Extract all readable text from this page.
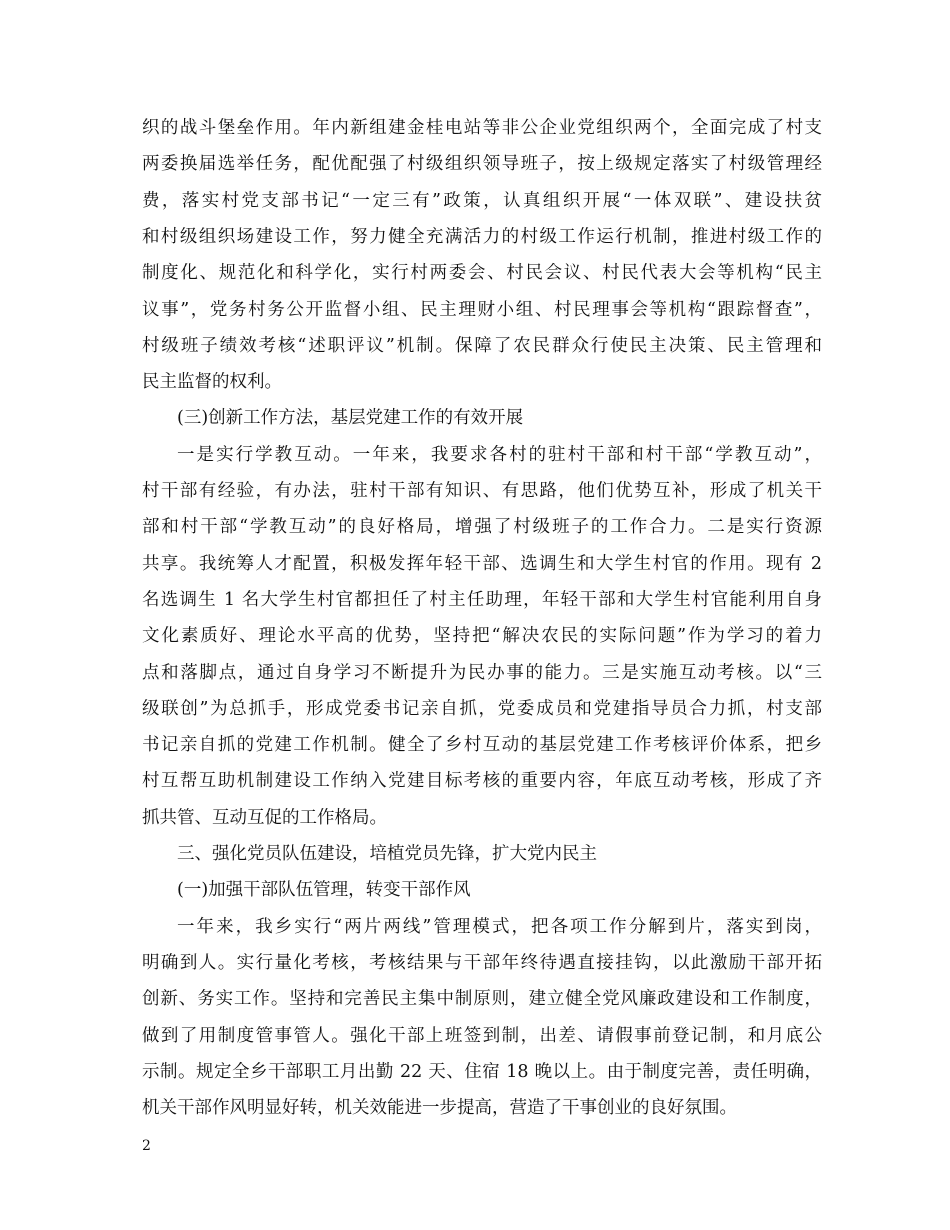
织的战斗堡垒作用。年内新组建金桂电站等非公企业党组织两个，全面完成了村支
两委换届选举任务，配优配强了村级组织领导班子，按上级规定落实了村级管理经
费，落实村党支部书记“一定三有”政策，认真组织开展“一体双联”、建设扶贫
和村级组织场建设工作，努力健全充满活力的村级工作运行机制，推进村级工作的
制度化、规范化和科学化，实行村两委会、村民会议、村民代表大会等机构“民主
议事”，党务村务公开监督小组、民主理财小组、村民理事会等机构“跟踪督查”，
村级班子绩效考核“述职评议”机制。保障了农民群众行使民主决策、民主管理和
民主监督的权利。
(三)创新工作方法，基层党建工作的有效开展
一是实行学教互动。一年来，我要求各村的驻村干部和村干部“学教互动”，
村干部有经验，有办法，驻村干部有知识、有思路，他们优势互补，形成了机关干
部和村干部“学教互动”的良好格局，增强了村级班子的工作合力。二是实行资源
共享。我统筹人才配置，积极发挥年轻干部、选调生和大学生村官的作用。现有 2
名选调生 1 名大学生村官都担任了村主任助理，年轻干部和大学生村官能利用自身
文化素质好、理论水平高的优势，坚持把“解决农民的实际问题”作为学习的着力
点和落脚点，通过自身学习不断提升为民办事的能力。三是实施互动考核。以“三
级联创”为总抓手，形成党委书记亲自抓，党委成员和党建指导员合力抓，村支部
书记亲自抓的党建工作机制。健全了乡村互动的基层党建工作考核评价体系，把乡
村互帮互助机制建设工作纳入党建目标考核的重要内容，年底互动考核，形成了齐
抓共管、互动互促的工作格局。
三、强化党员队伍建设，培植党员先锋，扩大党内民主
(一)加强干部队伍管理，转变干部作风
一年来，我乡实行“两片两线”管理模式，把各项工作分解到片，落实到岗，
明确到人。实行量化考核，考核结果与干部年终待遇直接挂钩，以此激励干部开拓
创新、务实工作。坚持和完善民主集中制原则，建立健全党风廉政建设和工作制度，
做到了用制度管事管人。强化干部上班签到制，出差、请假事前登记制，和月底公
示制。规定全乡干部职工月出勤 22 天、住宿 18 晚以上。由于制度完善，责任明确，
机关干部作风明显好转，机关效能进一步提高，营造了干事创业的良好氛围。
2
